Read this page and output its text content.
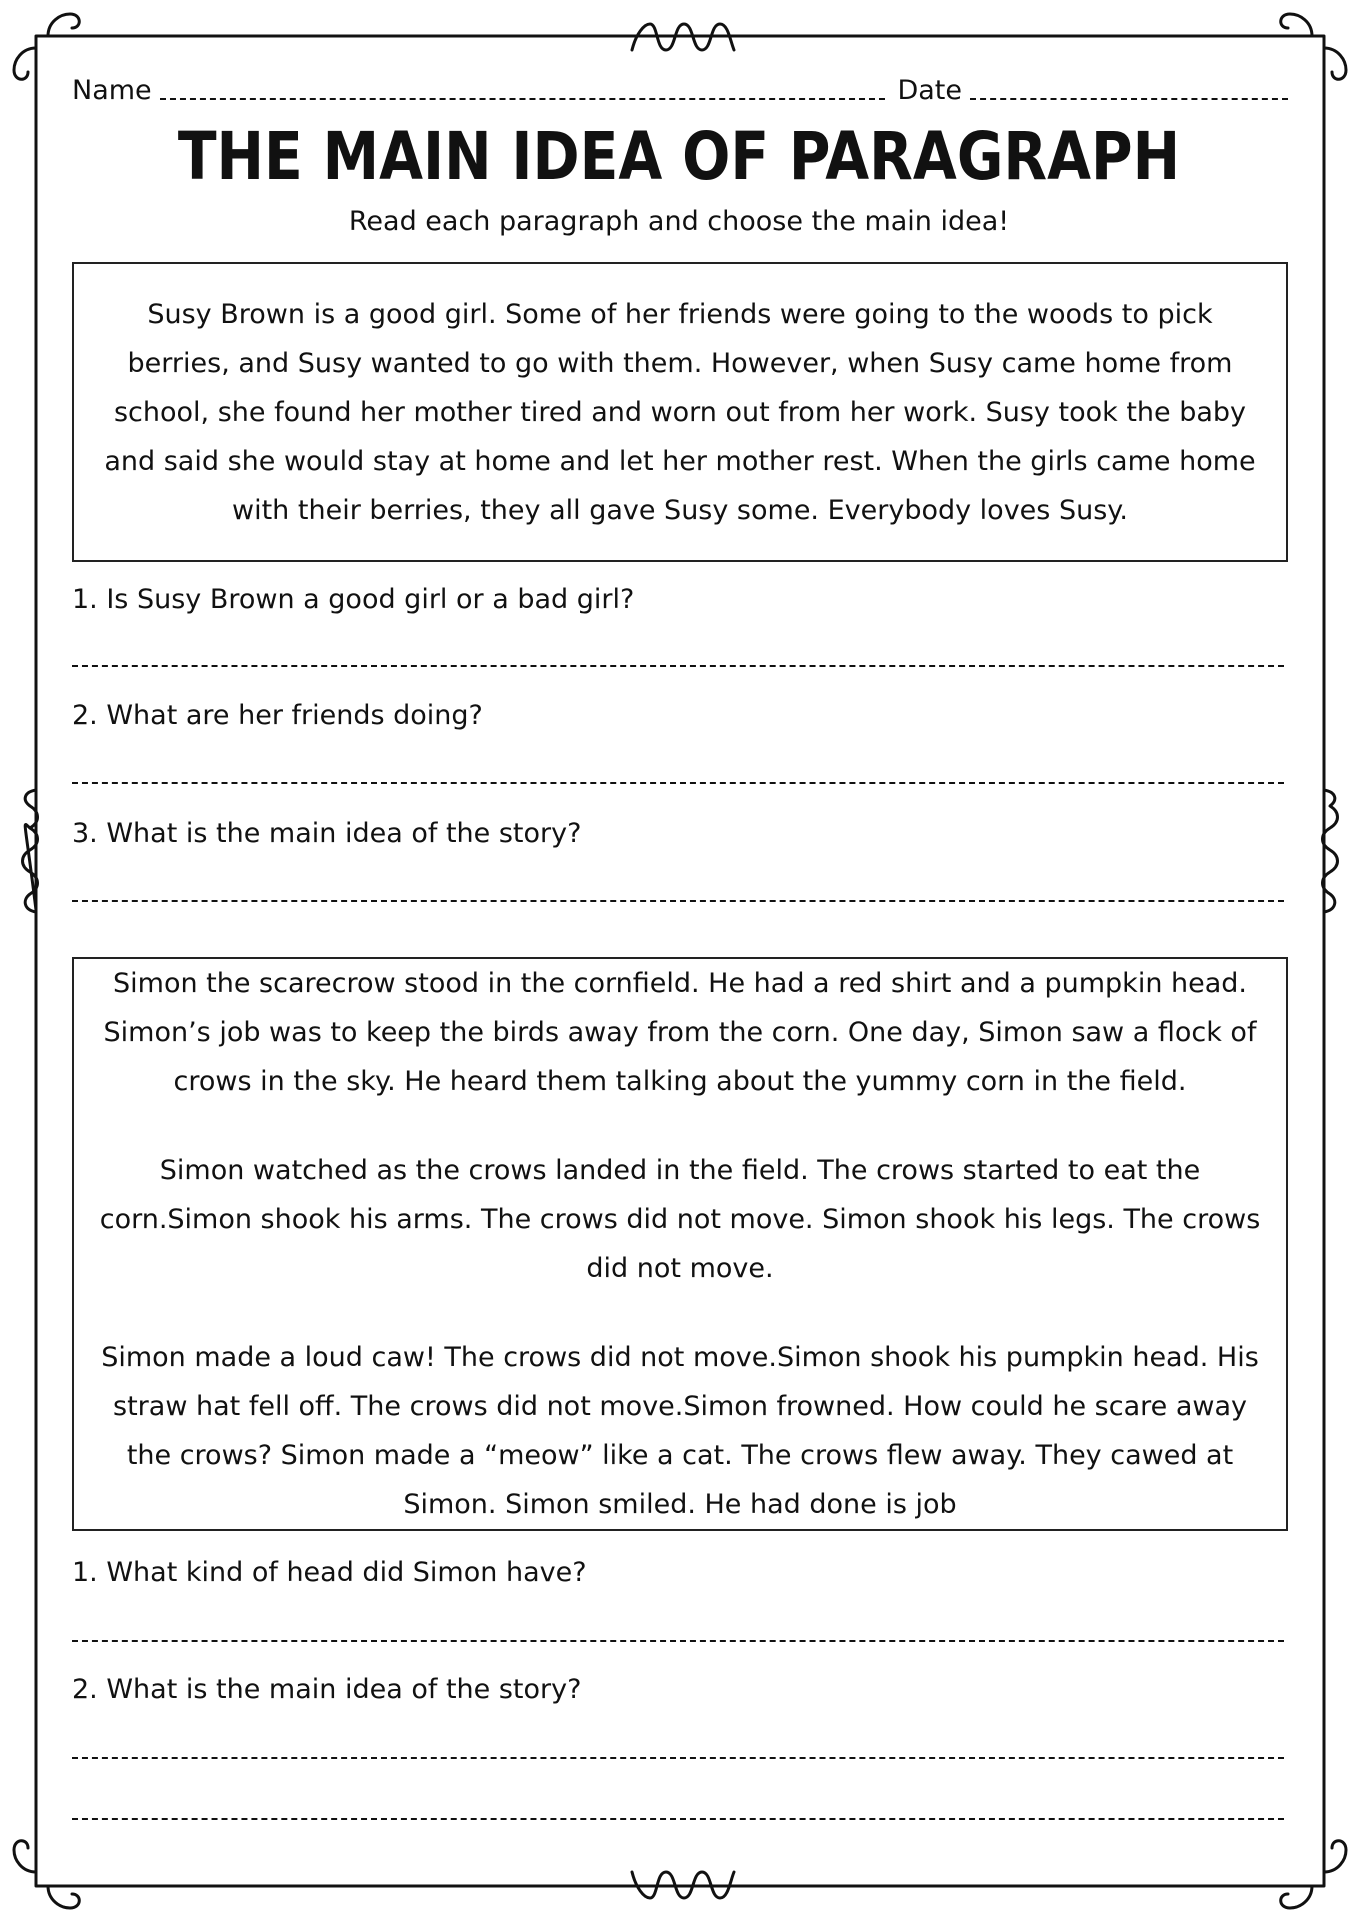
Name	Date
THE MAIN IDEA OF PARAGRAPH
Read each paragraph and choose the main idea!

Susy Brown is a good girl. Some of her friends were going to the woods to pick berries, and Susy wanted to go with them. However, when Susy came home from school, she found her mother tired and worn out from her work. Susy took the baby and said she would stay at home and let her mother rest. When the girls came home with their berries, they all gave Susy some. Everybody loves Susy.

1. Is Susy Brown a good girl or a bad girl?
2. What are her friends doing?
3. What is the main idea of the story?

Simon the scarecrow stood in the cornfield. He had a red shirt and a pumpkin head. Simon’s job was to keep the birds away from the corn. One day, Simon saw a flock of crows in the sky. He heard them talking about the yummy corn in the field.

Simon watched as the crows landed in the field. The crows started to eat the corn.Simon shook his arms. The crows did not move. Simon shook his legs. The crows did not move.

Simon made a loud caw! The crows did not move.Simon shook his pumpkin head. His straw hat fell off. The crows did not move.Simon frowned. How could he scare away the crows? Simon made a “meow” like a cat. The crows flew away. They cawed at Simon. Simon smiled. He had done is job

1. What kind of head did Simon have?
2. What is the main idea of the story?
